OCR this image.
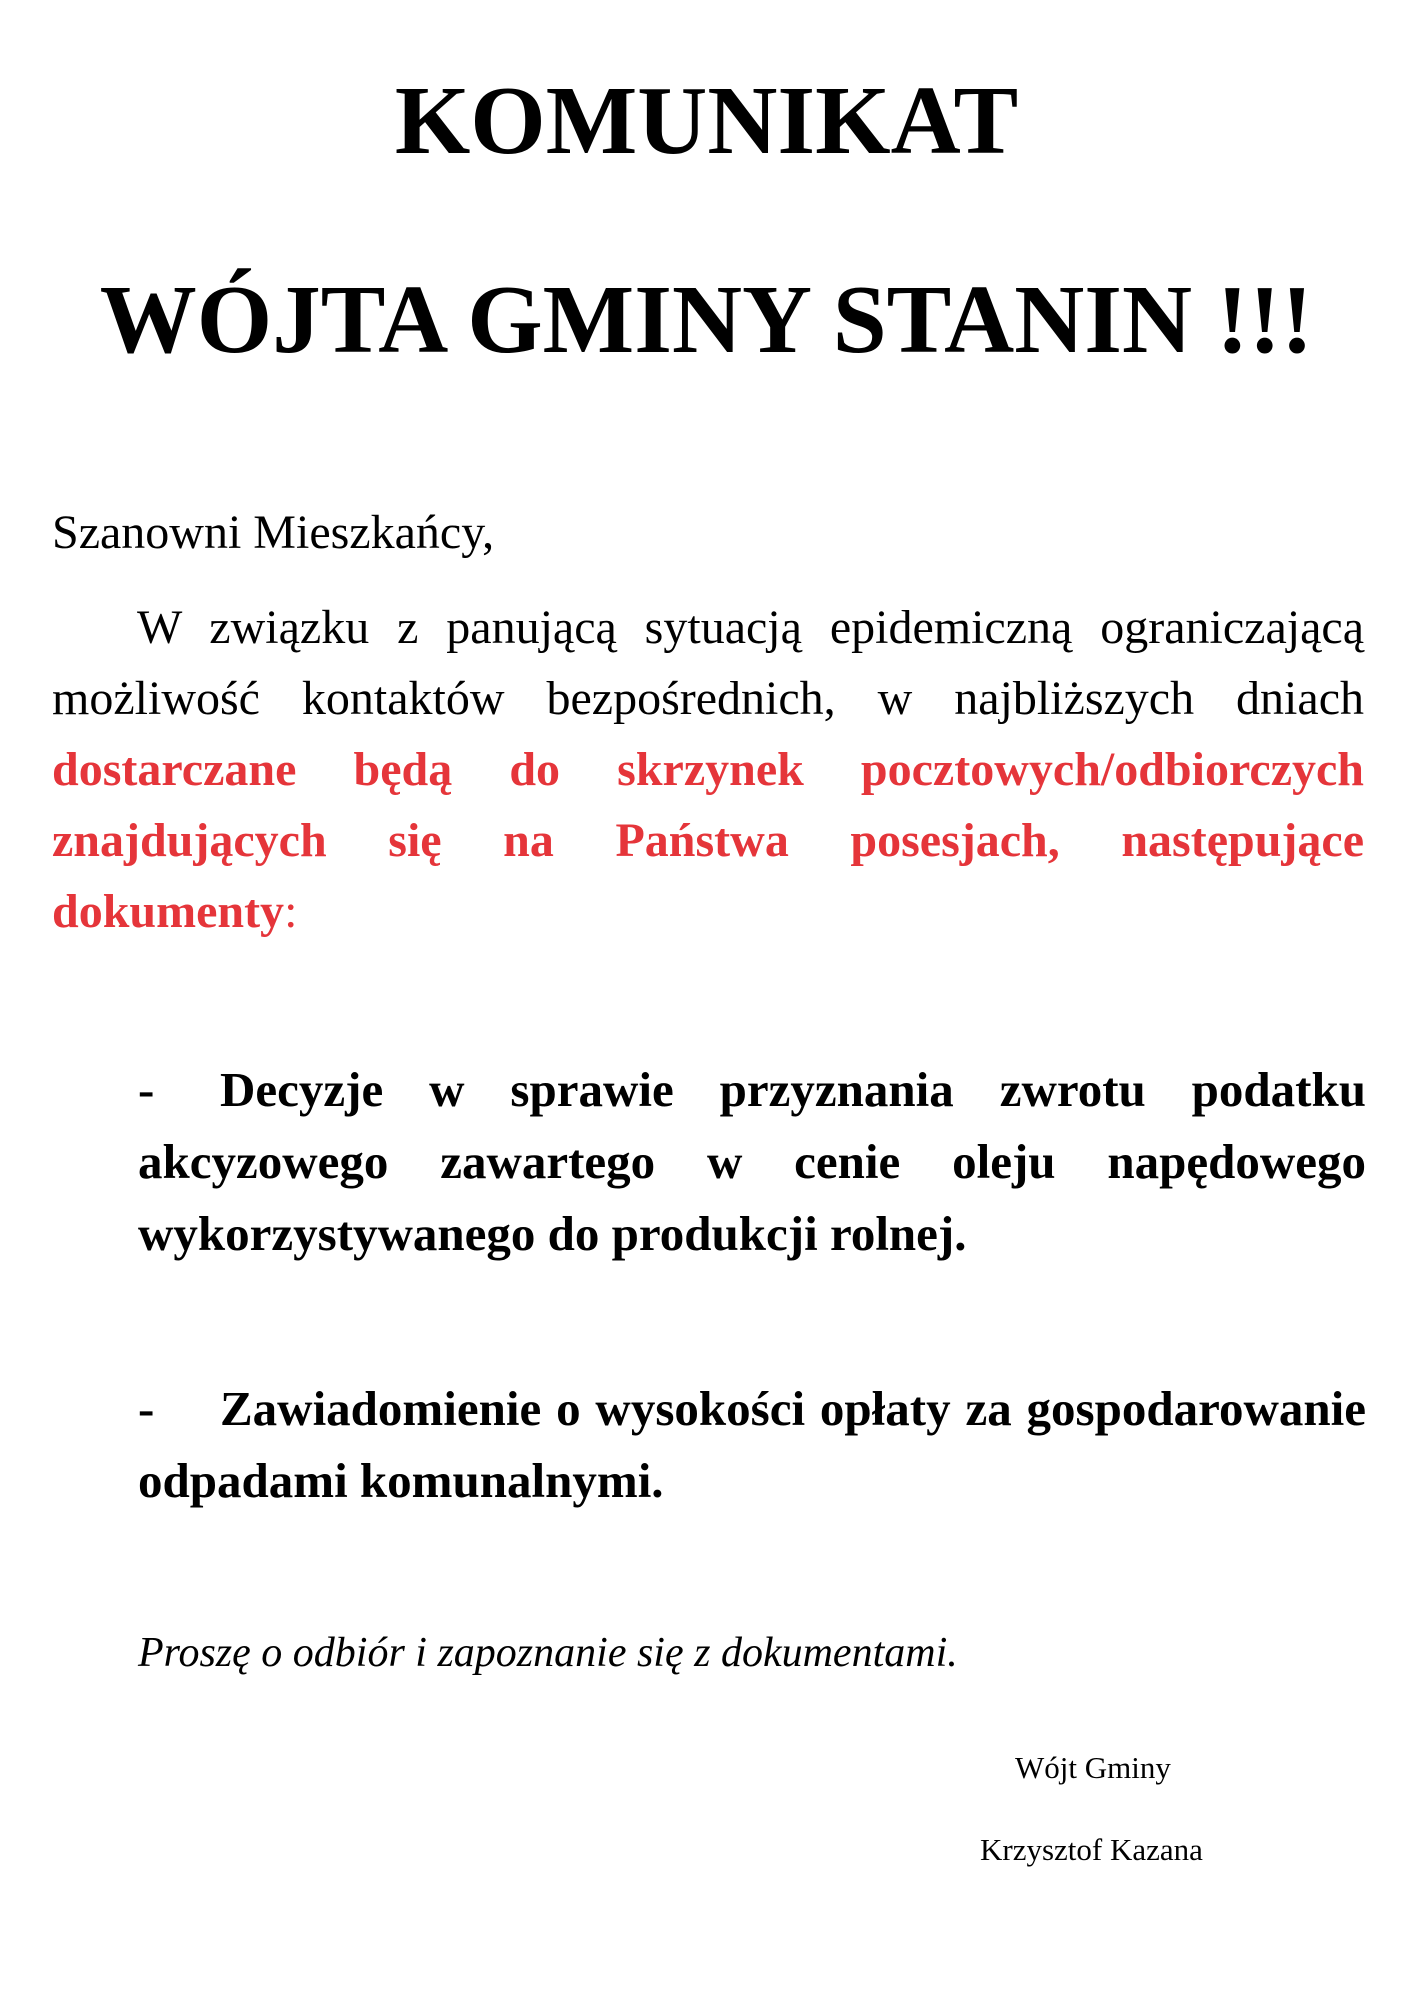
KOMUNIKAT
WÓJTA GMINY STANIN !!!
Szanowni Mieszkańcy,
W związku z panującą sytuacją epidemiczną ograniczającą możliwość kontaktów bezpośrednich, w najbliższych dniach dostarczane będą do skrzynek pocztowych/odbiorczych znajdujących się na Państwa posesjach, następujące dokumenty:
- Decyzje w sprawie przyznania zwrotu podatku akcyzowego zawartego w cenie oleju napędowego wykorzystywanego do produkcji rolnej.
- Zawiadomienie o wysokości opłaty za gospodarowanie odpadami komunalnymi.
Proszę o odbiór i zapoznanie się z dokumentami.
Wójt Gminy
Krzysztof Kazana
